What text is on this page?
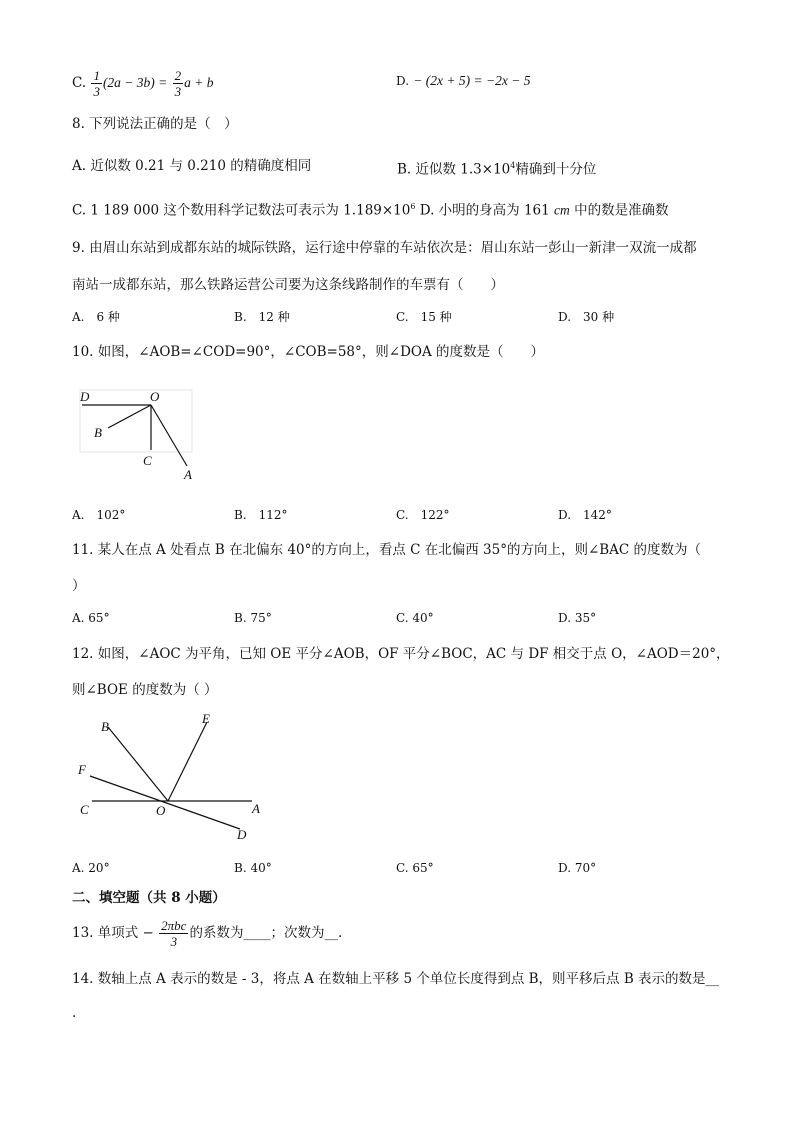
C. $\frac{1}{3} (2a - 3b) = \frac{2}{3}$ a + b	D. − (2x + 5) = −2x − 5
8. 下列说法正确的是（　）
A. 近似数 0.21 与 0.210 的精确度相同	B. 近似数 $1.3\times 10^4$精确到十分位
C. 1 189 000 这个数用科学记数法可表示为 $1.189\times 10^6$ D. 小明的身高为 161 cm 中的数是准确数
9. 由眉山东站到成都东站的城际铁路，运行途中停靠的车站依次是：眉山东站一彭山一新津一双流一成都
南站一成都东站，那么铁路运营公司要为这条线路制作的车票有（　　）
A.　6 种	B.　12 种	C.　15 种	D.　30 种
10. 如图，∠AOB=∠COD=90°，∠COB=58°，则∠DOA 的度数是（　　）
D	O
B
C
A
A.　102°	B.　112°	C.　122°	D.　142°
11. 某人在点 A 处看点 B 在北偏东 40°的方向上，看点 C 在北偏西 35°的方向上，则∠BAC 的度数为（
）
A. 65°	B. 75°	C. 40°	D. 35°
12. 如图，∠AOC 为平角，已知 OE 平分∠AOB，OF 平分∠BOC，AC 与 DF 相交于点 O，∠AOD＝20°，
则∠BOE 的度数为（ ）
B
E
F
C	O	A
D
A. 20°	B. 40°	C. 65°	D. 70°
二、填空题（共 8 小题）
13. 单项式 − $\frac{\text{2πbc}}{3}$ 的系数为____；次数为__.
14. 数轴上点 A 表示的数是 - 3，将点 A 在数轴上平移 5 个单位长度得到点 B，则平移后点 B 表示的数是__
.
